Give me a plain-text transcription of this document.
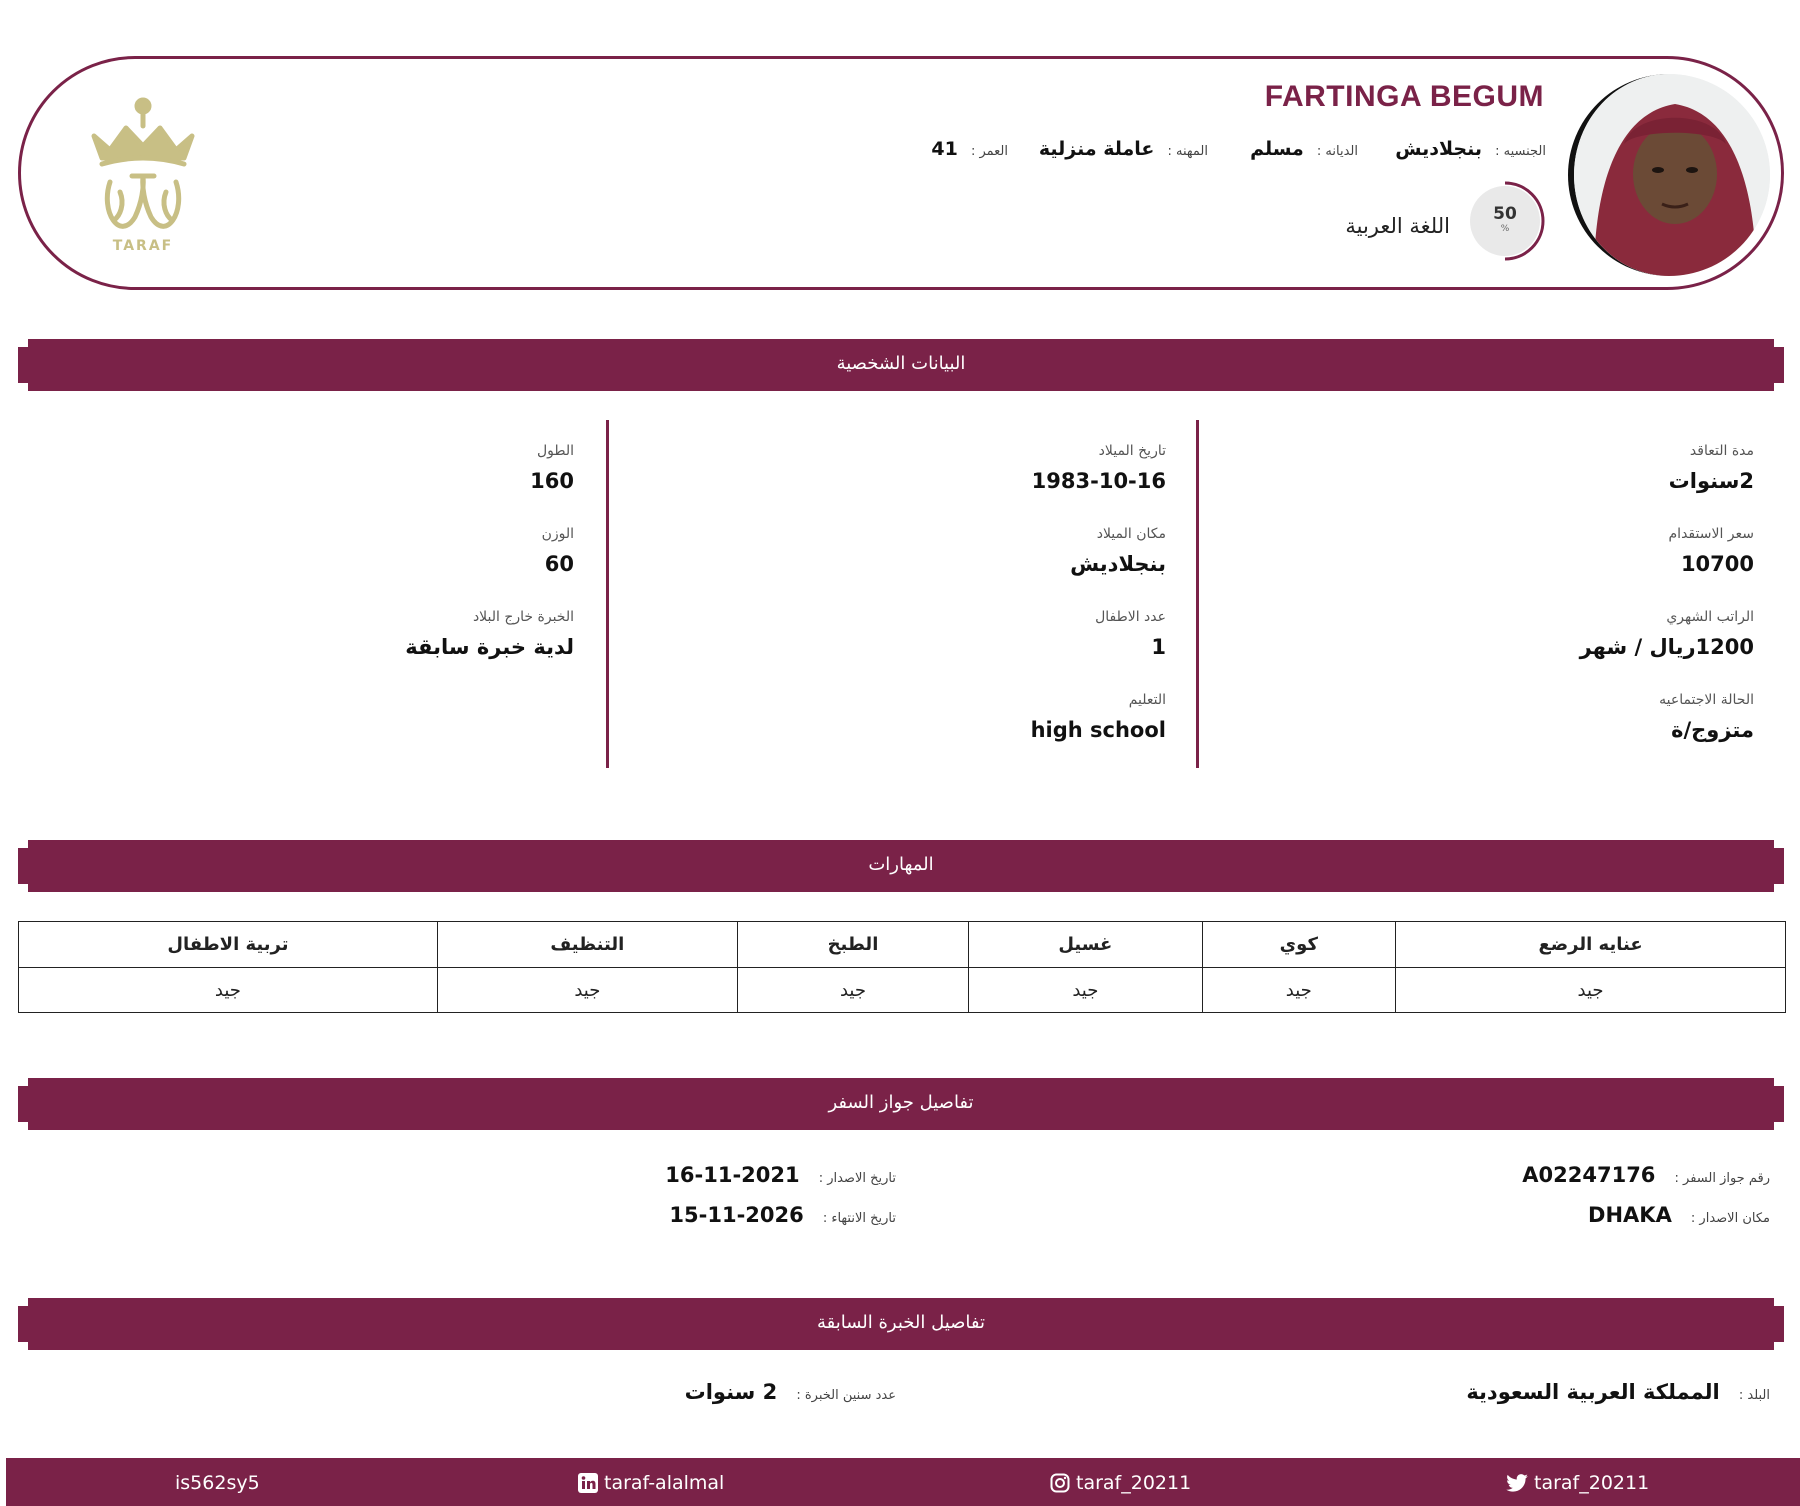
FARTINGA BEGUM
الجنسيه : بنجلاديش
الديانه : مسلم
المهنه : عاملة منزلية
العمر : 41
50
%
اللغة العربية
TARAF
البيانات الشخصية
مدة التعاقد
2سنوات
سعر الاستقدام
10700
الراتب الشهري
1200ريال / شهر
الحالة الاجتماعيه
متزوج/ة
تاريخ الميلاد
1983-10-16
مكان الميلاد
بنجلاديش
عدد الاطفال
1
التعليم
high school
الطول
160
الوزن
60
الخبرة خارج البلاد
لدية خبرة سابقة
المهارات
عنايه الرضع	كوي	غسيل	الطبخ	التنظيف	تربية الاطفال
جيد	جيد	جيد	جيد	جيد	جيد
تفاصيل جواز السفر
رقم جواز السفر : A02247176
مكان الاصدار : DHAKA
تاريخ الاصدار : 2021-11-16
تاريخ الانتهاء : 2026-11-15
تفاصيل الخبرة السابقة
البلد : المملكة العربية السعودية
عدد سنين الخبرة : 2 سنوات
is562sy5	taraf-alalmal	taraf_20211	taraf_20211
